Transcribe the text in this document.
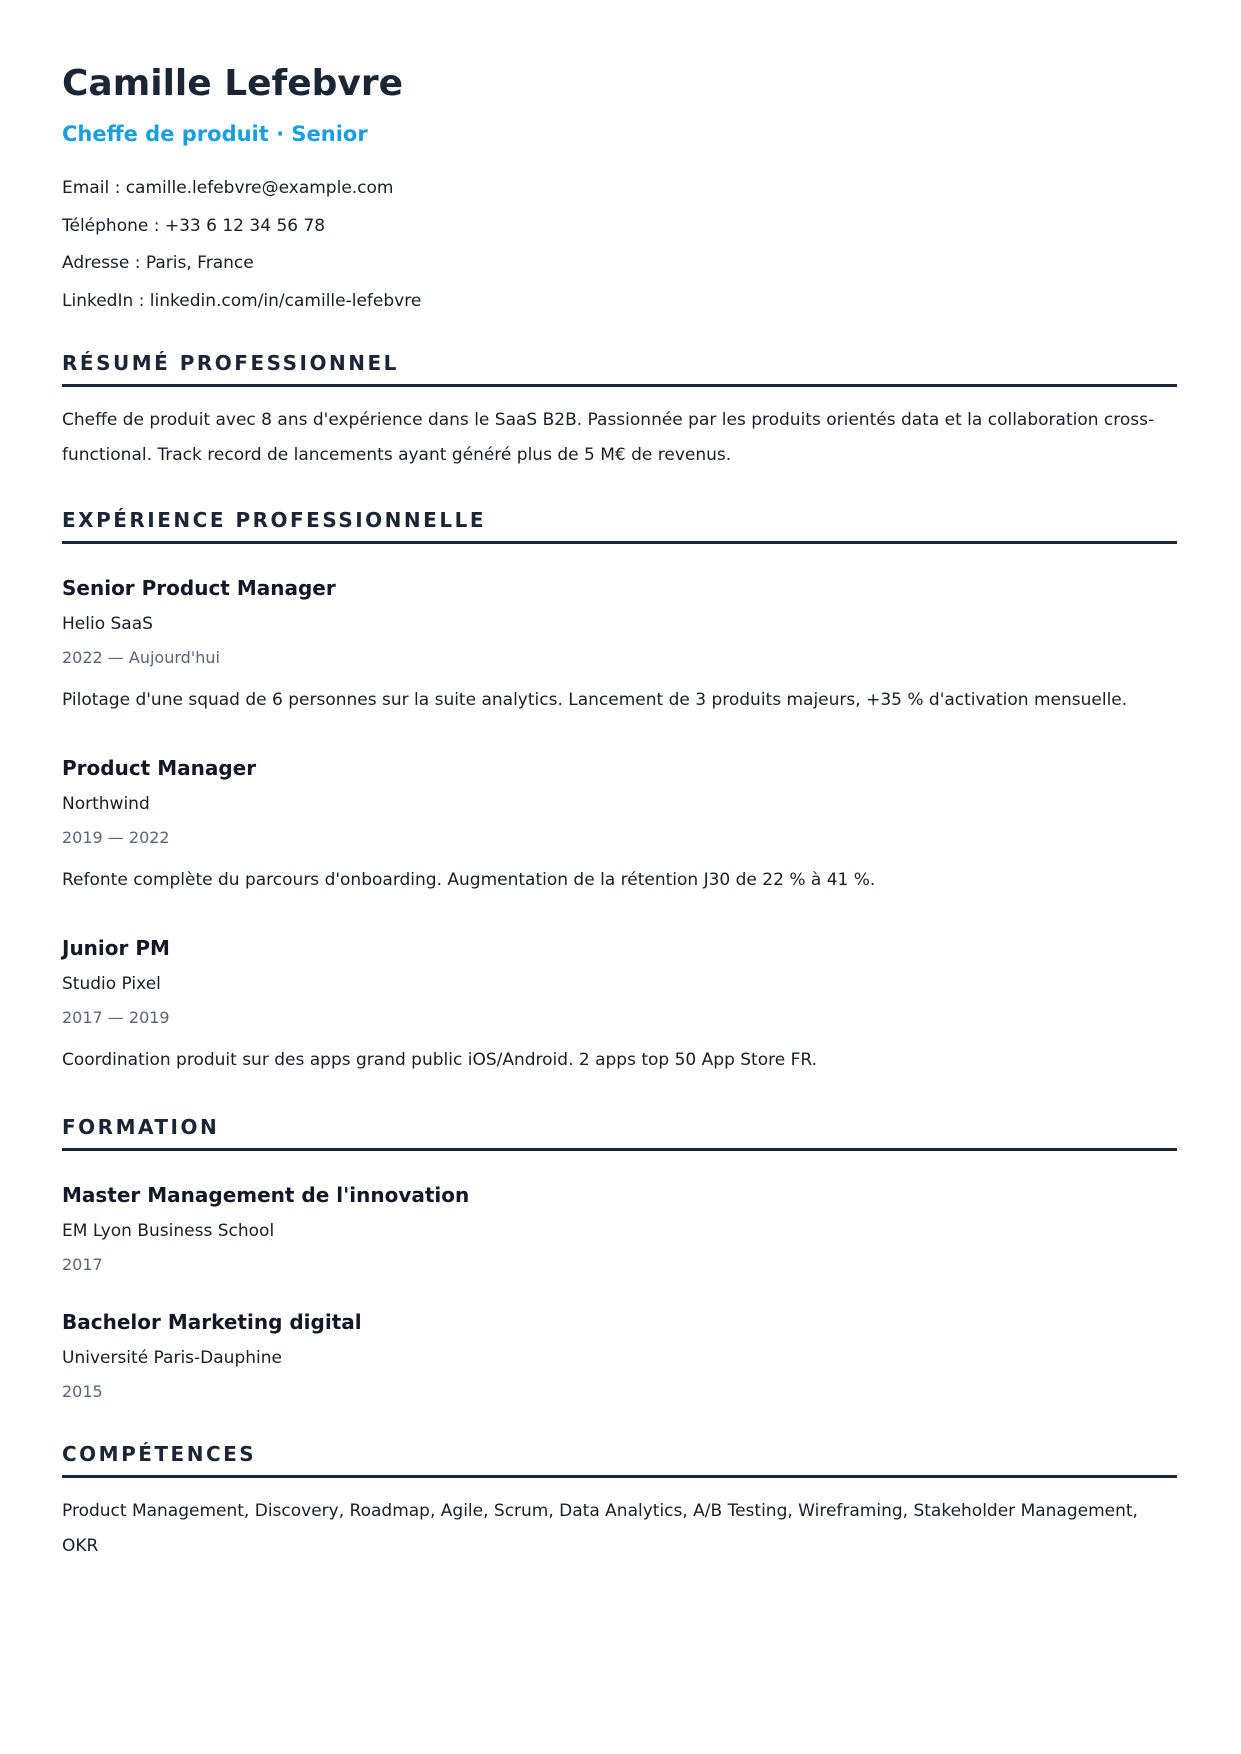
Camille Lefebvre
Cheffe de produit · Senior
Email : camille.lefebvre@example.com
Téléphone : +33 6 12 34 56 78
Adresse : Paris, France
LinkedIn : linkedin.com/in/camille-lefebvre
RÉSUMÉ PROFESSIONNEL
Cheffe de produit avec 8 ans d'expérience dans le SaaS B2B. Passionnée par les produits orientés data et la collaboration cross-functional. Track record de lancements ayant généré plus de 5 M€ de revenus.
EXPÉRIENCE PROFESSIONNELLE
Senior Product Manager
Helio SaaS
2022 — Aujourd'hui
Pilotage d'une squad de 6 personnes sur la suite analytics. Lancement de 3 produits majeurs, +35 % d'activation mensuelle.
Product Manager
Northwind
2019 — 2022
Refonte complète du parcours d'onboarding. Augmentation de la rétention J30 de 22 % à 41 %.
Junior PM
Studio Pixel
2017 — 2019
Coordination produit sur des apps grand public iOS/Android. 2 apps top 50 App Store FR.
FORMATION
Master Management de l'innovation
EM Lyon Business School
2017
Bachelor Marketing digital
Université Paris-Dauphine
2015
COMPÉTENCES
Product Management, Discovery, Roadmap, Agile, Scrum, Data Analytics, A/B Testing, Wireframing, Stakeholder Management, OKR
